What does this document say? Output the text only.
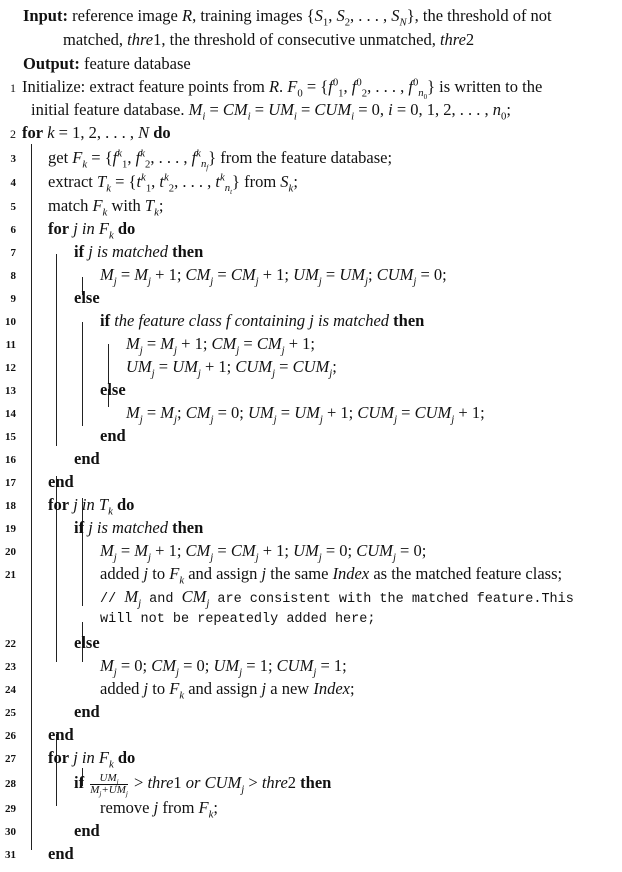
Input: reference image R, training images {$S_1$, $S_2$, . . . , $S_N$}, the threshold of not
matched, thre1, the threshold of consecutive unmatched, thre2
Output: feature database
1 Initialize: extract feature points from R. $F_0 = \{f^0_1$, $f^0_2$, . . . , $f^0_{n_0}$} is written to the
initial feature database. $M_i = CM_i = UM_i = CUM_i = 0$, i = 0, 1, 2, . . . , $n_0$;
2 for k = 1, 2, . . . , N do
3 get $F_k = \{f^k_1$, $f^k_2$, . . . , $f^k_{n_f}$} from the feature database;
4 extract $T_k = \{t^k_1$, $t^k_2$, . . . , $t^k_{n_t}$} from $S_k$;
5 match $F_k$ with $T_k$;
6 for j in $F_k$ do
7	if j is matched then
8	$M_j = M_j + 1$; $CM_j = CM_j + 1$; $UM_j = UM_j$; $CUM_j = 0$;
9	else
10	if the feature class f containing j is matched then
11	$M_j = M_j + 1$; $CM_j = CM_j + 1$;
12	$UM_j = UM_j + 1$; $CUM_j = CUM_j$;
13	else
14	$M_j = M_j$; $CM_j = 0$; $UM_j = UM_j + 1$; $CUM_j = CUM_j + 1$;
15	end
16	end
17 end
18 for j in $T_k$ do
19	if j is matched then
20	$M_j = M_j + 1$; $CM_j = CM_j + 1$; $UM_j = 0$; $CUM_j = 0$;
21	added j to $F_k$ and assign j the same Index as the matched feature class;
// $M_j$ and $CM_j$ are consistent with the matched feature.This
will not be repeatedly added here;
22	else
23	$M_j = 0$; $CM_j = 0$; $UM_j = 1$; $CUM_j = 1$;
24	added j to $F_k$ and assign j a new Index;
25	end
26 end
27 for j in $F_k$ do
28	if $\frac{UM_j}{M_j+UM_j}$ > thre1 or $CUM_j$ > thre2 then
29	remove j from $F_k$;
30	end
31 end
